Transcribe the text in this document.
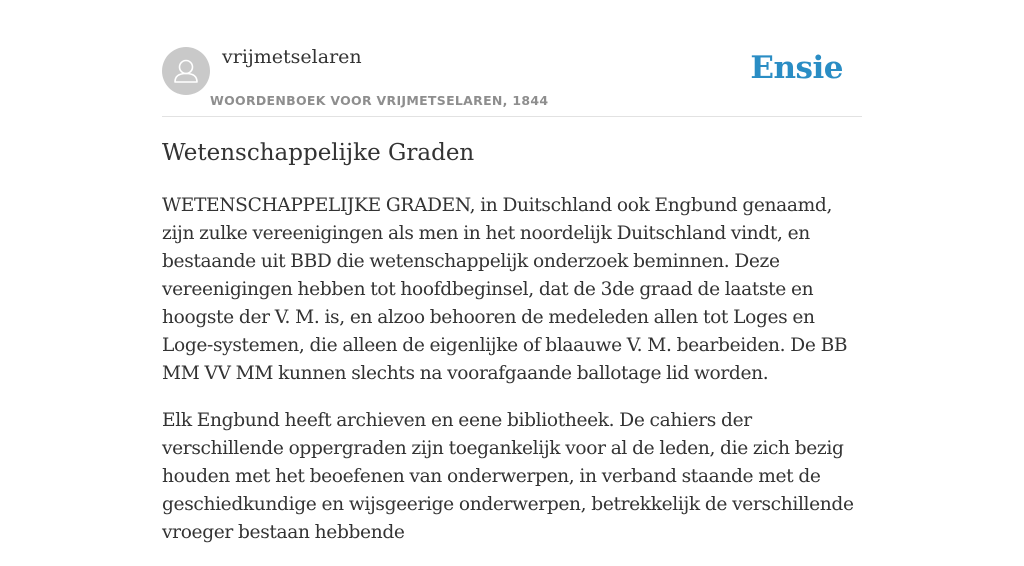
vrijmetselaren
WOORDENBOEK VOOR VRIJMETSELAREN, 1844
Ensie
Wetenschappelijke Graden

WETENSCHAPPELIJKE GRADEN, in Duitschland ook Engbund genaamd, zijn zulke vereenigingen als men in het noordelijk Duitschland vindt, en bestaande uit BBD die wetenschappelijk onderzoek beminnen. Deze vereenigingen hebben tot hoofdbeginsel, dat de 3de graad de laatste en hoogste der V. M. is, en alzoo behooren de medeleden allen tot Loges en Loge-systemen, die alleen de eigenlijke of blaauwe V. M. bearbeiden. De BB MM VV MM kunnen slechts na voorafgaande ballotage lid worden.

Elk Engbund heeft archieven en eene bibliotheek. De cahiers der verschillende oppergraden zijn toegankelijk voor al de leden, die zich bezig houden met het beoefenen van onderwerpen, in verband staande met de geschiedkundige en wijsgeerige onderwerpen, betrekkelijk de verschillende vroeger bestaan hebbende
